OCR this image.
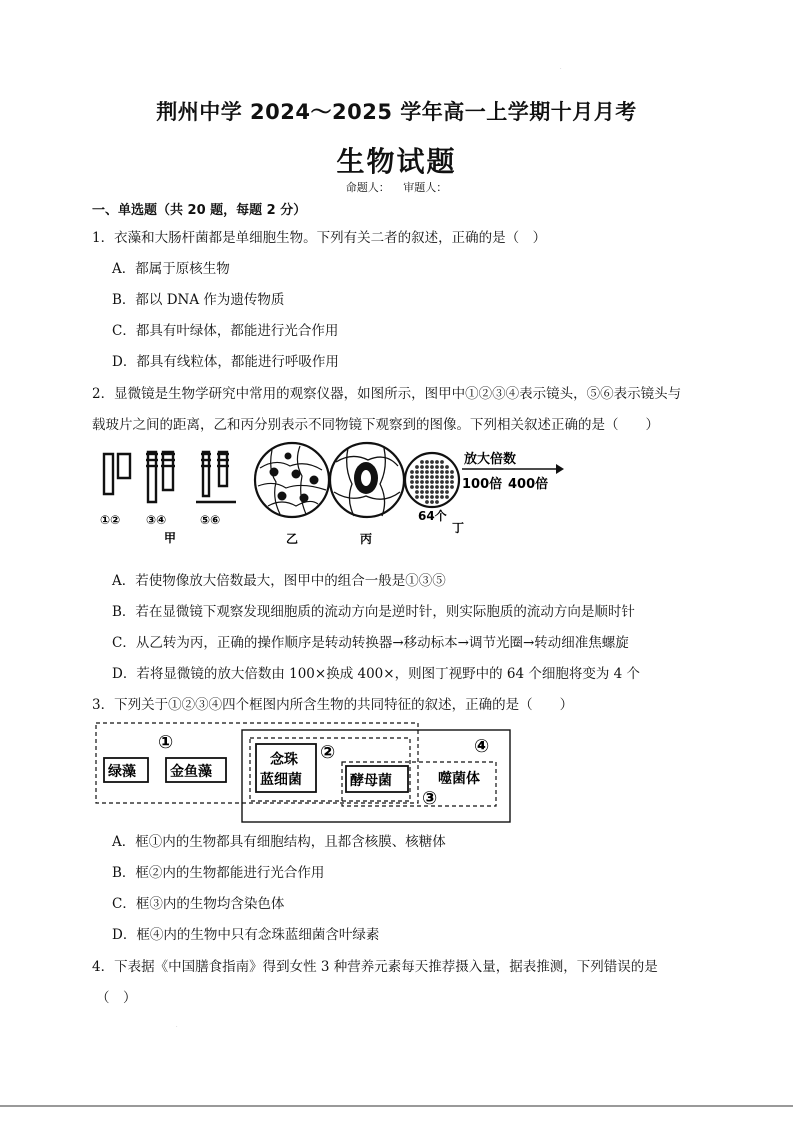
荆州中学 2024～2025 学年高一上学期十月月考
生物试题
命题人： 审题人：
一、单选题（共 20 题，每题 2 分）
1．衣藻和大肠杆菌都是单细胞生物。下列有关二者的叙述，正确的是（　）
A．都属于原核生物
B．都以 DNA 作为遗传物质
C．都具有叶绿体，都能进行光合作用
D．都具有线粒体，都能进行呼吸作用
2．显微镜是生物学研究中常用的观察仪器，如图所示，图甲中①②③④表示镜头，⑤⑥表示镜头与
载玻片之间的距离，乙和丙分别表示不同物镜下观察到的图像。下列相关叙述正确的是（　　）
①② ③④	⑤⑥
甲	乙	丙
64个
丁
放大倍数
100倍 400倍
A．若使物像放大倍数最大，图甲中的组合一般是①③⑤
B．若在显微镜下观察发现细胞质的流动方向是逆时针，则实际胞质的流动方向是顺时针
C．从乙转为丙，正确的操作顺序是转动转换器→移动标本→调节光圈→转动细准焦螺旋
D．若将显微镜的放大倍数由 100×换成 400×，则图丁视野中的 64 个细胞将变为 4 个
3．下列关于①②③④四个框图内所含生物的共同特征的叙述，正确的是（　　）
①	②	④
③
绿藻 金鱼藻
念珠
蓝细菌	酵母菌	噬菌体
A．框①内的生物都具有细胞结构，且都含核膜、核糖体
B．框②内的生物都能进行光合作用
C．框③内的生物均含染色体
D．框④内的生物中只有念珠蓝细菌含叶绿素
4．下表据《中国膳食指南》得到女性 3 种营养元素每天推荐摄入量，据表推测，下列错误的是
（　）
.
.
